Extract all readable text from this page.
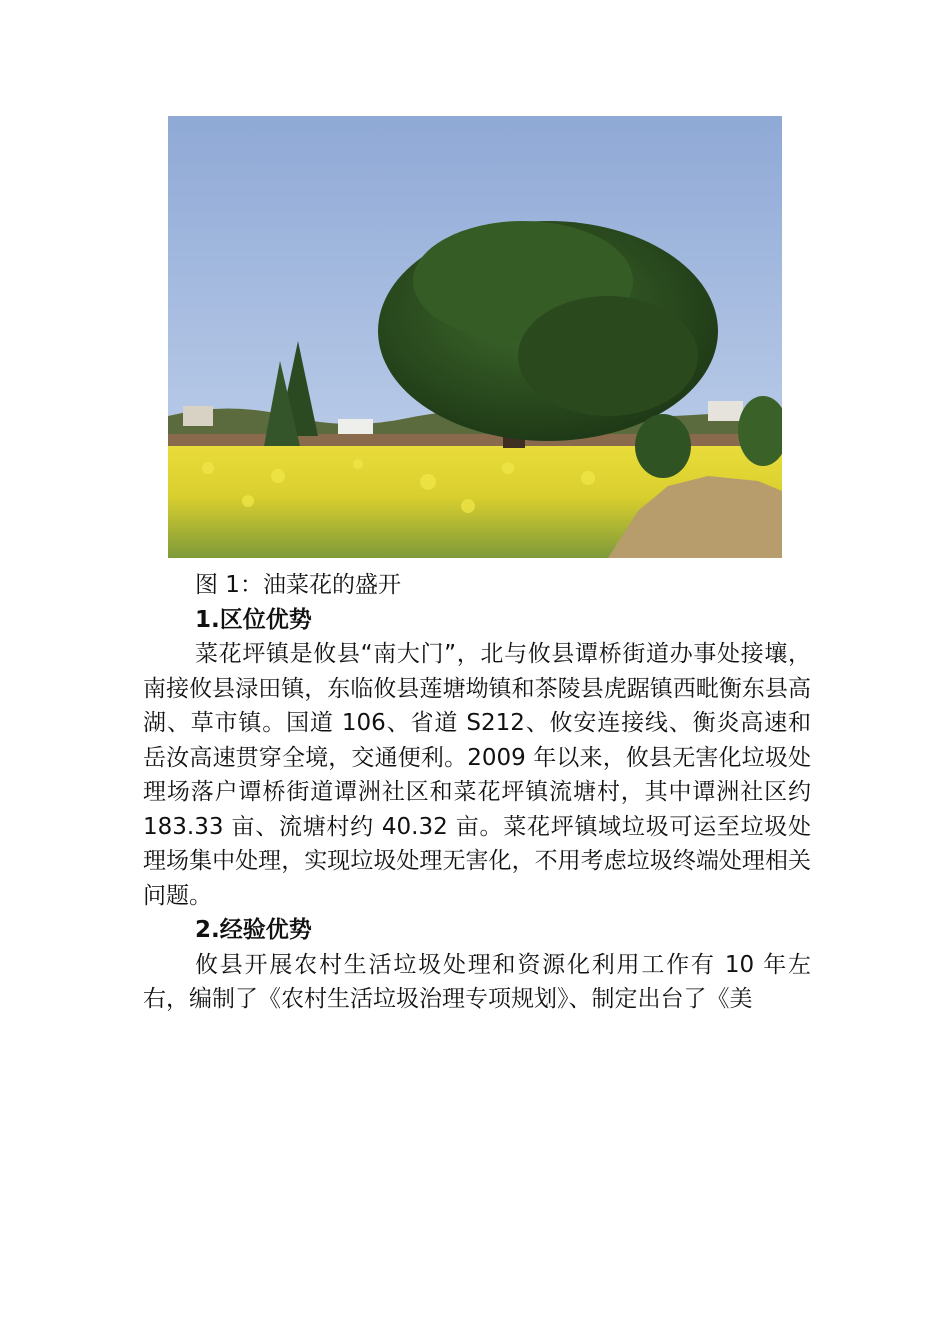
图 1：油菜花的盛开

1.区位优势

菜花坪镇是攸县“南大门”，北与攸县谭桥街道办事处接壤，南接攸县渌田镇，东临攸县莲塘坳镇和茶陵县虎踞镇西毗衡东县高湖、草市镇。国道 106、省道 S212、攸安连接线、衡炎高速和岳汝高速贯穿全境，交通便利。2009 年以来，攸县无害化垃圾处理场落户谭桥街道谭洲社区和菜花坪镇流塘村，其中谭洲社区约 183.33 亩、流塘村约 40.32 亩。菜花坪镇域垃圾可运至垃圾处理场集中处理，实现垃圾处理无害化，不用考虑垃圾终端处理相关问题。

2.经验优势

攸县开展农村生活垃圾处理和资源化利用工作有 10 年左右，编制了《农村生活垃圾治理专项规划》、制定出台了《美
